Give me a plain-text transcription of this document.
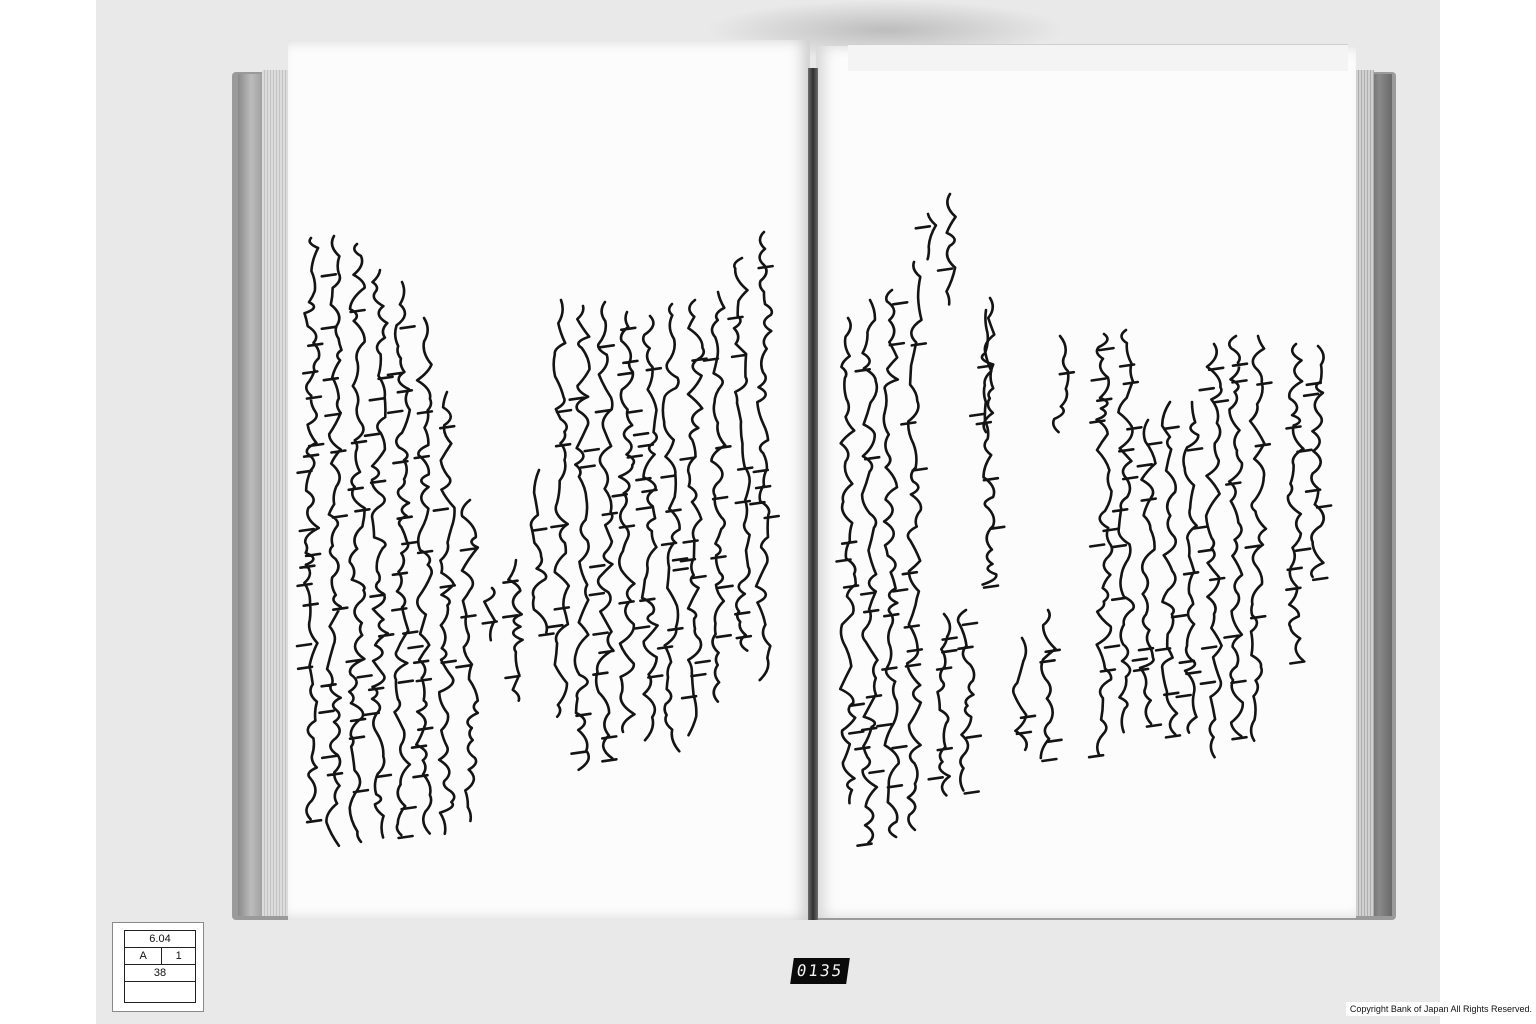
6.04
A	1
38	0135
Copyright Bank of Japan All Rights Reserved.
